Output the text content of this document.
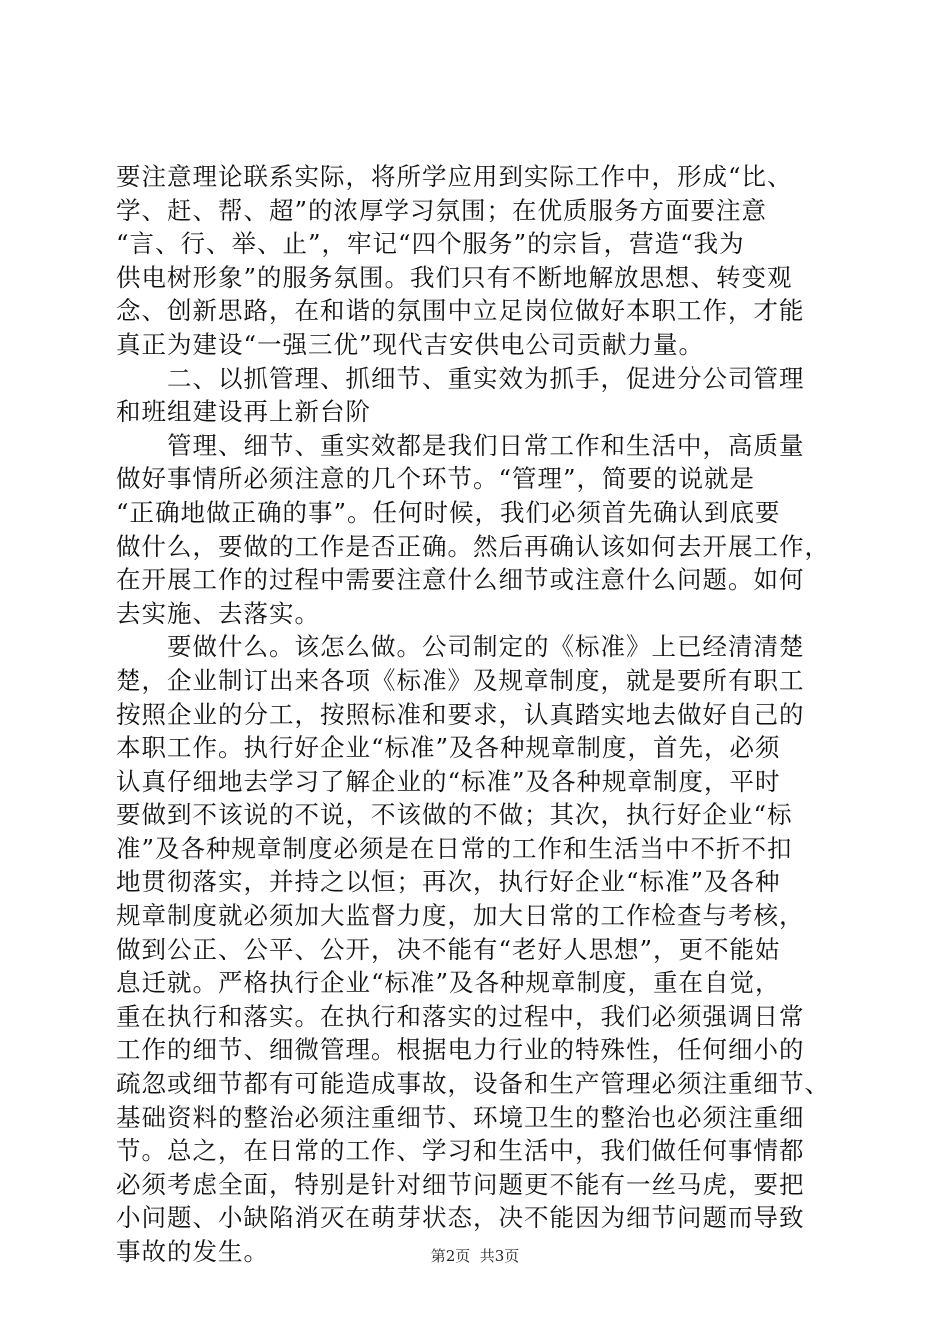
要注意理论联系实际，将所学应用到实际工作中，形成“比、
学、赶、帮、超”的浓厚学习氛围；在优质服务方面要注意
“言、行、举、止”，牢记“四个服务”的宗旨，营造“我为
供电树形象”的服务氛围。我们只有不断地解放思想、转变观
念、创新思路，在和谐的氛围中立足岗位做好本职工作，才能
真正为建设“一强三优”现代吉安供电公司贡献力量。
　　二、以抓管理、抓细节、重实效为抓手，促进分公司管理
和班组建设再上新台阶
　　管理、细节、重实效都是我们日常工作和生活中，高质量
做好事情所必须注意的几个环节。“管理”，简要的说就是
“正确地做正确的事”。任何时候，我们必须首先确认到底要
做什么，要做的工作是否正确。然后再确认该如何去开展工作，
在开展工作的过程中需要注意什么细节或注意什么问题。如何
去实施、去落实。
　　要做什么。该怎么做。公司制定的《标准》上已经清清楚
楚，企业制订出来各项《标准》及规章制度，就是要所有职工
按照企业的分工，按照标准和要求，认真踏实地去做好自己的
本职工作。执行好企业“标准”及各种规章制度，首先，必须
认真仔细地去学习了解企业的“标准”及各种规章制度，平时
要做到不该说的不说，不该做的不做；其次，执行好企业“标
准”及各种规章制度必须是在日常的工作和生活当中不折不扣
地贯彻落实，并持之以恒；再次，执行好企业“标准”及各种
规章制度就必须加大监督力度，加大日常的工作检查与考核，
做到公正、公平、公开，决不能有“老好人思想”，更不能姑
息迁就。严格执行企业“标准”及各种规章制度，重在自觉，
重在执行和落实。在执行和落实的过程中，我们必须强调日常
工作的细节、细微管理。根据电力行业的特殊性，任何细小的
疏忽或细节都有可能造成事故，设备和生产管理必须注重细节、
基础资料的整治必须注重细节、环境卫生的整治也必须注重细
节。总之，在日常的工作、学习和生活中，我们做任何事情都
必须考虑全面，特别是针对细节问题更不能有一丝马虎，要把
小问题、小缺陷消灭在萌芽状态，决不能因为细节问题而导致
事故的发生。	第2页  共3页
